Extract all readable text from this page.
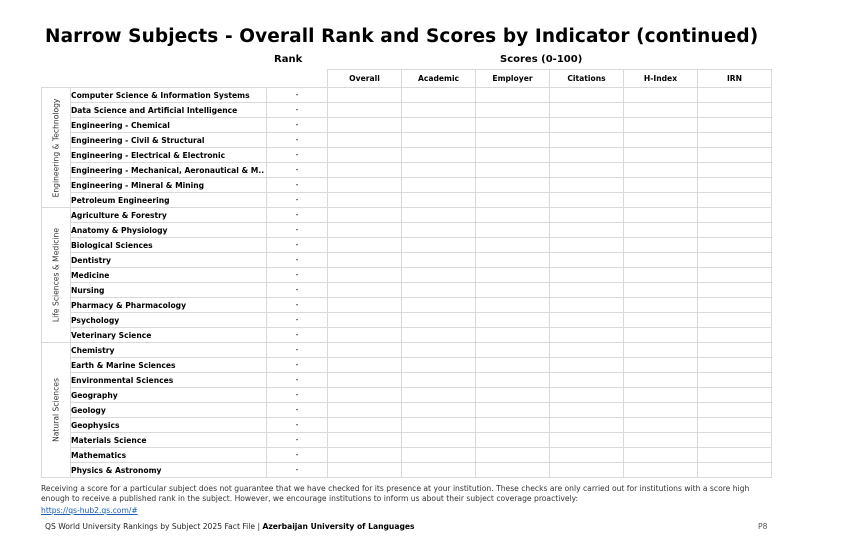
Narrow Subjects - Overall Rank and Scores by Indicator (continued)
Rank	Scores (0-100)
			Overall	Academic	Employer	Citations	H-Index	IRN

Engineering & Technology	Computer Science & Information Systems	-						
	Data Science and Artificial Intelligence	-						
	Engineering - Chemical	-						
	Engineering - Civil & Structural	-						
	Engineering - Electrical & Electronic	-						
	Engineering - Mechanical, Aeronautical & M..	-						
	Engineering - Mineral & Mining	-						
	Petroleum Engineering	-						

Life Sciences & Medicine	Agriculture & Forestry	-						
	Anatomy & Physiology	-						
	Biological Sciences	-						
	Dentistry	-						
	Medicine	-						
	Nursing	-						
	Pharmacy & Pharmacology	-						
	Psychology	-						
	Veterinary Science	-						

Natural Sciences	Chemistry	-						
	Earth & Marine Sciences	-						
	Environmental Sciences	-						
	Geography	-						
	Geology	-						
	Geophysics	-						
	Materials Science	-						
	Mathematics	-						
	Physics & Astronomy	-						
Receiving a score for a particular subject does not guarantee that we have checked for its presence at your institution. These checks are only carried out for institutions with a score high enough to receive a published rank in the subject. However, we encourage institutions to inform us about their subject coverage proactively:
https://qs-hub2.qs.com/#
QS World University Rankings by Subject 2025 Fact File | Azerbaijan University of Languages	P8
